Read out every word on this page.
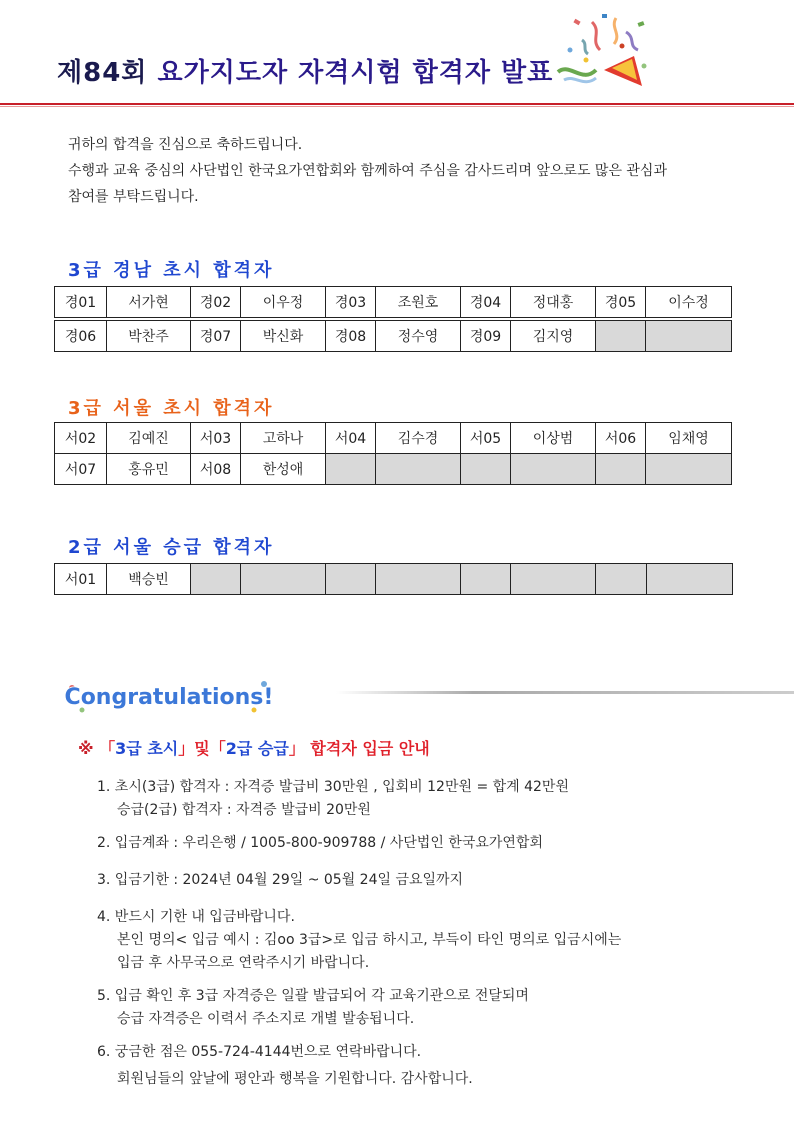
제84회 요가지도자 자격시험 합격자 발표
귀하의 합격을 진심으로 축하드립니다.
수행과 교육 중심의 사단법인 한국요가연합회와 함께하여 주심을 감사드리며 앞으로도 많은 관심과
참여를 부탁드립니다.
3급 경남 초시 합격자
경01	서가현	경02	이우정	경03	조원호	경04	정대홍	경05	이수정

경06	박찬주	경07	박신화	경08	정수영	경09	김지영		
3급 서울 초시 합격자
서02	김예진	서03	고하나	서04	김수경	서05	이상범	서06	임채영
서07	홍유민	서08	한성애						
2급 서울 승급 합격자
서01	백승빈								
Congratulations!
※ 「3급 초시」및「2급 승급」 합격자 입금 안내
1. 초시(3급) 합격자 : 자격증 발급비 30만원 , 입회비 12만원 = 합계 42만원
승급(2급) 합격자 : 자격증 발급비 20만원
2. 입금계좌 : 우리은행 / 1005-800-909788 / 사단법인 한국요가연합회
3. 입금기한 : 2024년 04월 29일 ~ 05월 24일 금요일까지
4. 반드시 기한 내 입금바랍니다.
본인 명의< 입금 예시 : 김oo 3급>로 입금 하시고, 부득이 타인 명의로 입금시에는
입금 후 사무국으로 연락주시기 바랍니다.
5. 입금 확인 후 3급 자격증은 일괄 발급되어 각 교육기관으로 전달되며
승급 자격증은 이력서 주소지로 개별 발송됩니다.
6. 궁금한 점은 055-724-4144번으로 연락바랍니다.
회원님들의 앞날에 평안과 행복을 기원합니다. 감사합니다.
